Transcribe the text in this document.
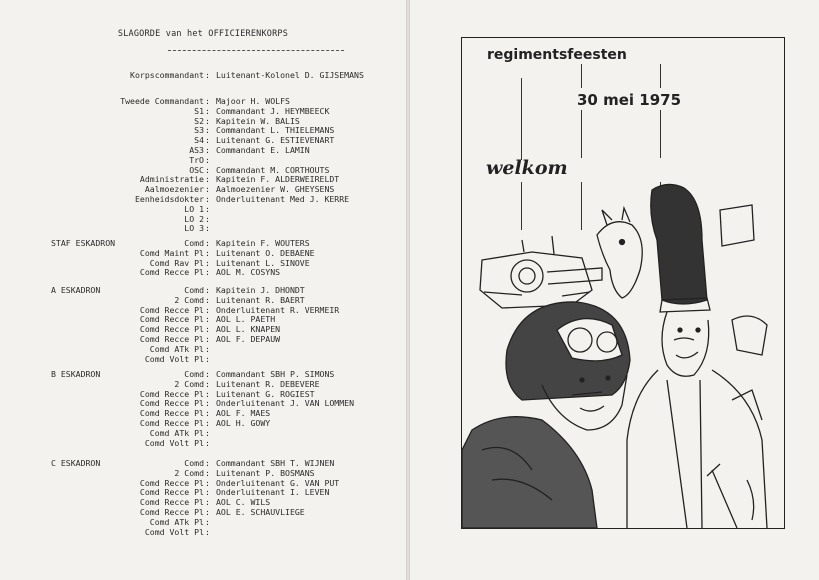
SLAGORDE van het OFFICIERENKORPS
Korpscommandant : Luitenant-Kolonel D. GIJSEMANS
Tweede Commandant : Majoor H. WOLFS
S1 : Commandant J. HEYMBEECK
S2 : Kapitein W. BALIS
S3 : Commandant L. THIELEMANS
S4 : Luitenant G. ESTIEVENART
AS3 : Commandant E. LAMIN
TrO :
OSC : Commandant M. CORTHOUTS
Administratie : Kapitein F. ALDERWEIRELDT
Aalmoezenier : Aalmoezenier W. GHEYSENS
Eenheidsdokter : Onderluitenant Med J. KERRE
LO 1 :
LO 2 :
LO 3 :
STAF ESKADRON	Comd : Kapitein F. WOUTERS
Comd Maint Pl : Luitenant O. DEBAENE
Comd Rav Pl : Luitenant L. SINOVE
Comd Recce Pl : AOL M. COSYNS
A ESKADRON	Comd : Kapitein J. DHONDT
2 Comd : Luitenant R. BAERT
Comd Recce Pl : Onderluitenant R. VERMEIR
Comd Recce Pl : AOL L. PAETH
Comd Recce Pl : AOL L. KNAPEN
Comd Recce Pl : AOL F. DEPAUW
Comd ATk Pl :
Comd Volt Pl :
B ESKADRON	Comd : Commandant SBH P. SIMONS
2 Comd : Luitenant R. DEBEVERE
Comd Recce Pl : Luitenant G. ROGIEST
Comd Recce Pl : Onderluitenant J. VAN LOMMEN
Comd Recce Pl : AOL F. MAES
Comd Recce Pl : AOL H. GOWY
Comd ATk Pl :
Comd Volt Pl :
C ESKADRON	Comd : Commandant SBH T. WIJNEN
2 Comd : Luitenant P. BOSMANS
Comd Recce Pl : Onderluitenant G. VAN PUT
Comd Recce Pl : Onderluitenant I. LEVEN
Comd Recce Pl : AOL C. WILS
Comd Recce Pl : AOL E. SCHAUVLIEGE
Comd ATk Pl :
Comd Volt Pl :
regimentsfeesten
30 mei 1975
welkom
